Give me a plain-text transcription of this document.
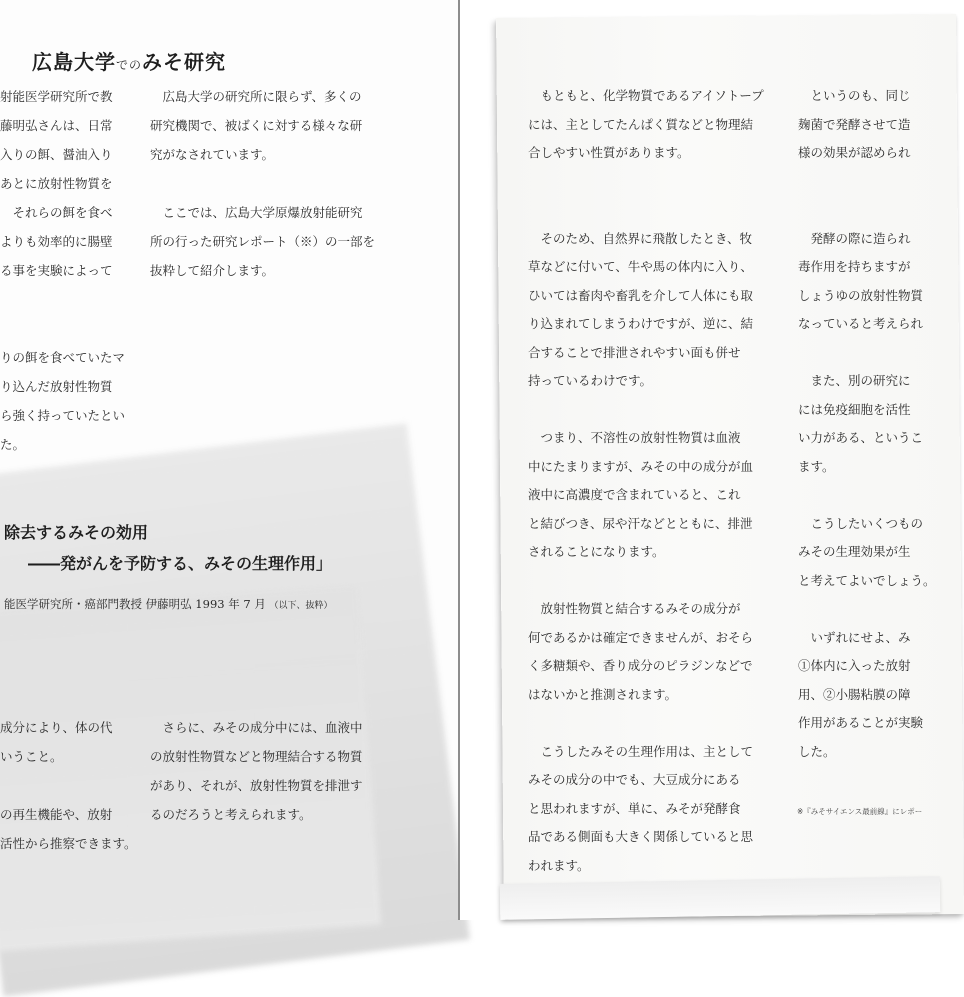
広島大学でのみそ研究
射能医学研究所で教
藤明弘さんは、日常
入りの餌、醤油入り
あとに放射性物質を
　それらの餌を食べ
よりも効率的に腸壁
る事を実験によって
りの餌を食べていたマ
り込んだ放射性物質
ら強く持っていたとい
た。
　広島大学の研究所に限らず、多くの
研究機関で、被ばくに対する様々な研
究がなされています。
　ここでは、広島大学原爆放射能研究
所の行った研究レポート（※）の一部を
抜粋して紹介します。
除去するみその効用
――発がんを予防する、みその生理作用」
能医学研究所・癌部門教授 伊藤明弘 1993 年 7 月 （以下、抜粋）
成分により、体の代
いうこと。
の再生機能や、放射
活性から推察できます。
　さらに、みその成分中には、血液中
の放射性物質などと物理結合する物質
があり、それが、放射性物質を排泄す
るのだろうと考えられます。
　もともと、化学物質であるアイソトープ
には、主としてたんぱく質などと物理結
合しやすい性質があります。
　そのため、自然界に飛散したとき、牧
草などに付いて、牛や馬の体内に入り、
ひいては畜肉や畜乳を介して人体にも取
り込まれてしまうわけですが、逆に、結
合することで排泄されやすい面も併せ
持っているわけです。
　つまり、不溶性の放射性物質は血液
中にたまりますが、みその中の成分が血
液中に高濃度で含まれていると、これ
と結びつき、尿や汗などとともに、排泄
されることになります。
　放射性物質と結合するみその成分が
何であるかは確定できませんが、おそら
く多糖類や、香り成分のピラジンなどで
はないかと推測されます。
　こうしたみその生理作用は、主として
みその成分の中でも、大豆成分にある
と思われますが、単に、みそが発酵食
品である側面も大きく関係していると思
われます。
　というのも、同じ
麹菌で発酵させて造
様の効果が認められ
　発酵の際に造られ
毒作用を持ちますが
しょうゆの放射性物質
なっていると考えられ
　また、別の研究に
には免疫細胞を活性
い力がある、というこ
ます。
　こうしたいくつもの
みその生理効果が生
と考えてよいでしょう。
　いずれにせよ、み
①体内に入った放射
用、②小腸粘膜の障
作用があることが実験
した。
※『みそサイエンス最前線』にレポー
